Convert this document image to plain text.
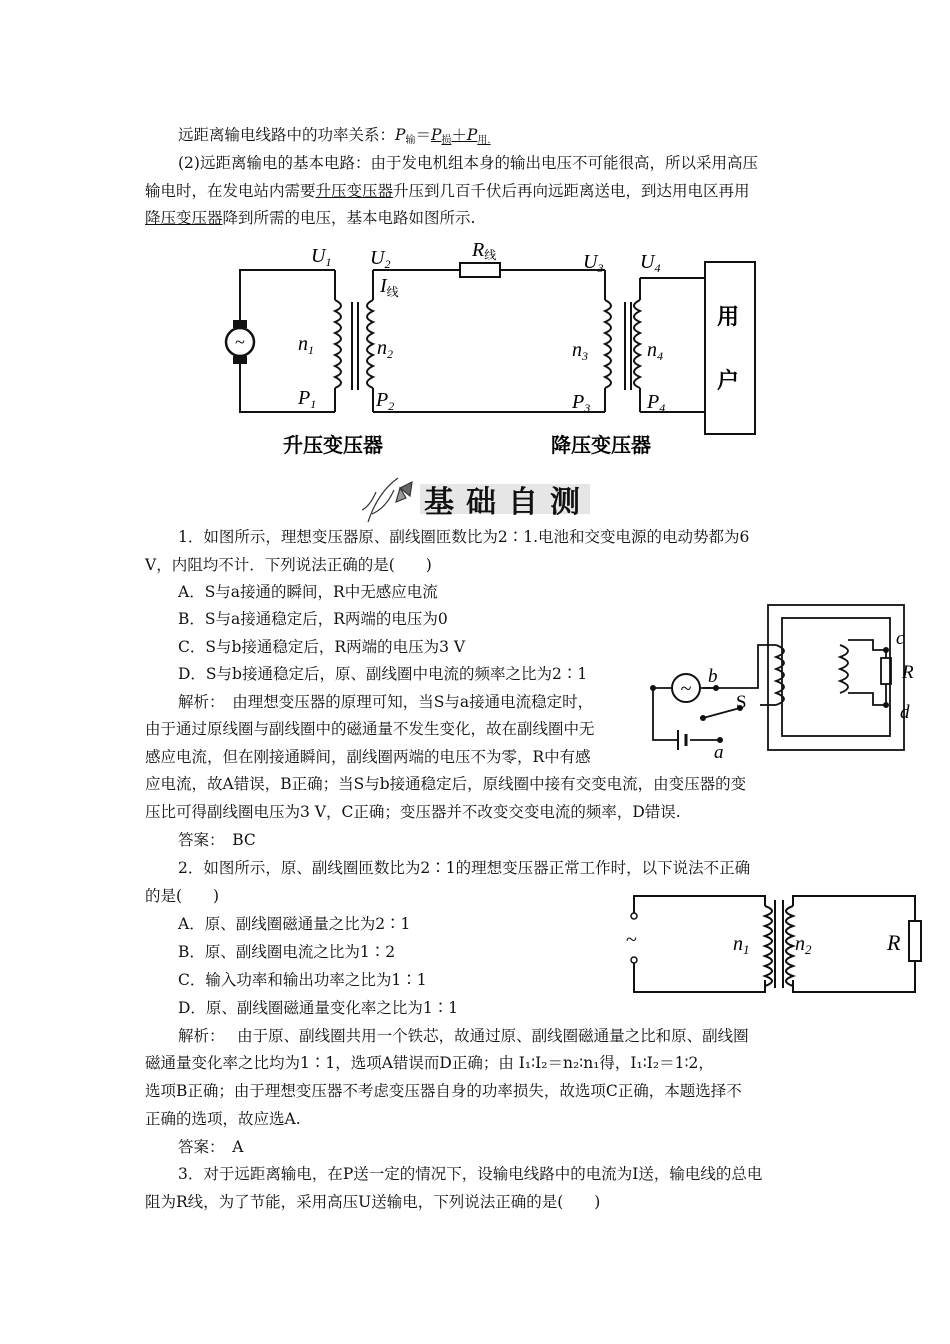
远距离输电线路中的功率关系：$P_输=P_损+P_{用.}$
(2)远距离输电的基本电路：由于发电机组本身的输出电压不可能很高，所以采用高压
输电时，在发电站内需要升压变压器升压到几百千伏后再向远距离送电，到达用电区再用
降压变压器降到所需的电压，基本电路如图所示.
~
$U_1$ $U_2$
R线
$I_线$
$U_3$ $U_4$
$n_1$	$n_2$	$n_3$	$n_4$
$P_1$	$P_2$	$P_3$	$P_4$
用
户
升压变压器	降压变压器
基 础 自 测
1．如图所示，理想变压器原、副线圈匝数比为2∶1.电池和交变电源的电动势都为6
V，内阻均不计．下列说法正确的是(　　)
A．S与a接通的瞬间，R中无感应电流
B．S与a接通稳定后，R两端的电压为0
C．S与b接通稳定后，R两端的电压为3 V
D．S与b接通稳定后，原、副线圈中电流的频率之比为2∶1
解析：　由理想变压器的原理可知，当S与a接通电流稳定时，
由于通过原线圈与副线圈中的磁通量不发生变化，故在副线圈中无
感应电流，但在刚接通瞬间，副线圈两端的电压不为零，R中有感
应电流，故A错误，B正确；当S与b接通稳定后，原线圈中接有交变电流，由变压器的变
压比可得副线圈电压为3 V，C正确；变压器并不改变交变电流的频率，D错误.
答案：　BC
~
c
R
d
b
S
a
2．如图所示，原、副线圈匝数比为2∶1的理想变压器正常工作时，以下说法不正确
的是(　　)
A．原、副线圈磁通量之比为2∶1
B．原、副线圈电流之比为1∶2
C．输入功率和输出功率之比为1∶1
D．原、副线圈磁通量变化率之比为1∶1
解析：　 由于原、副线圈共用一个铁芯，故通过原、副线圈磁通量之比和原、副线圈
磁通量变化率之比均为1∶1，选项A错误而D正确；由 I₁∶I₂＝n₂∶n₁得，I₁∶I₂＝1∶2，
选项B正确；由于理想变压器不考虑变压器自身的功率损失，故选项C正确，本题选择不
正确的选项，故应选A.
答案：　A
~	$n_1$ $n_2$	R
3．对于远距离输电，在P送一定的情况下，设输电线路中的电流为I送，输电线的总电
阻为R线，为了节能，采用高压U送输电，下列说法正确的是(　　)
